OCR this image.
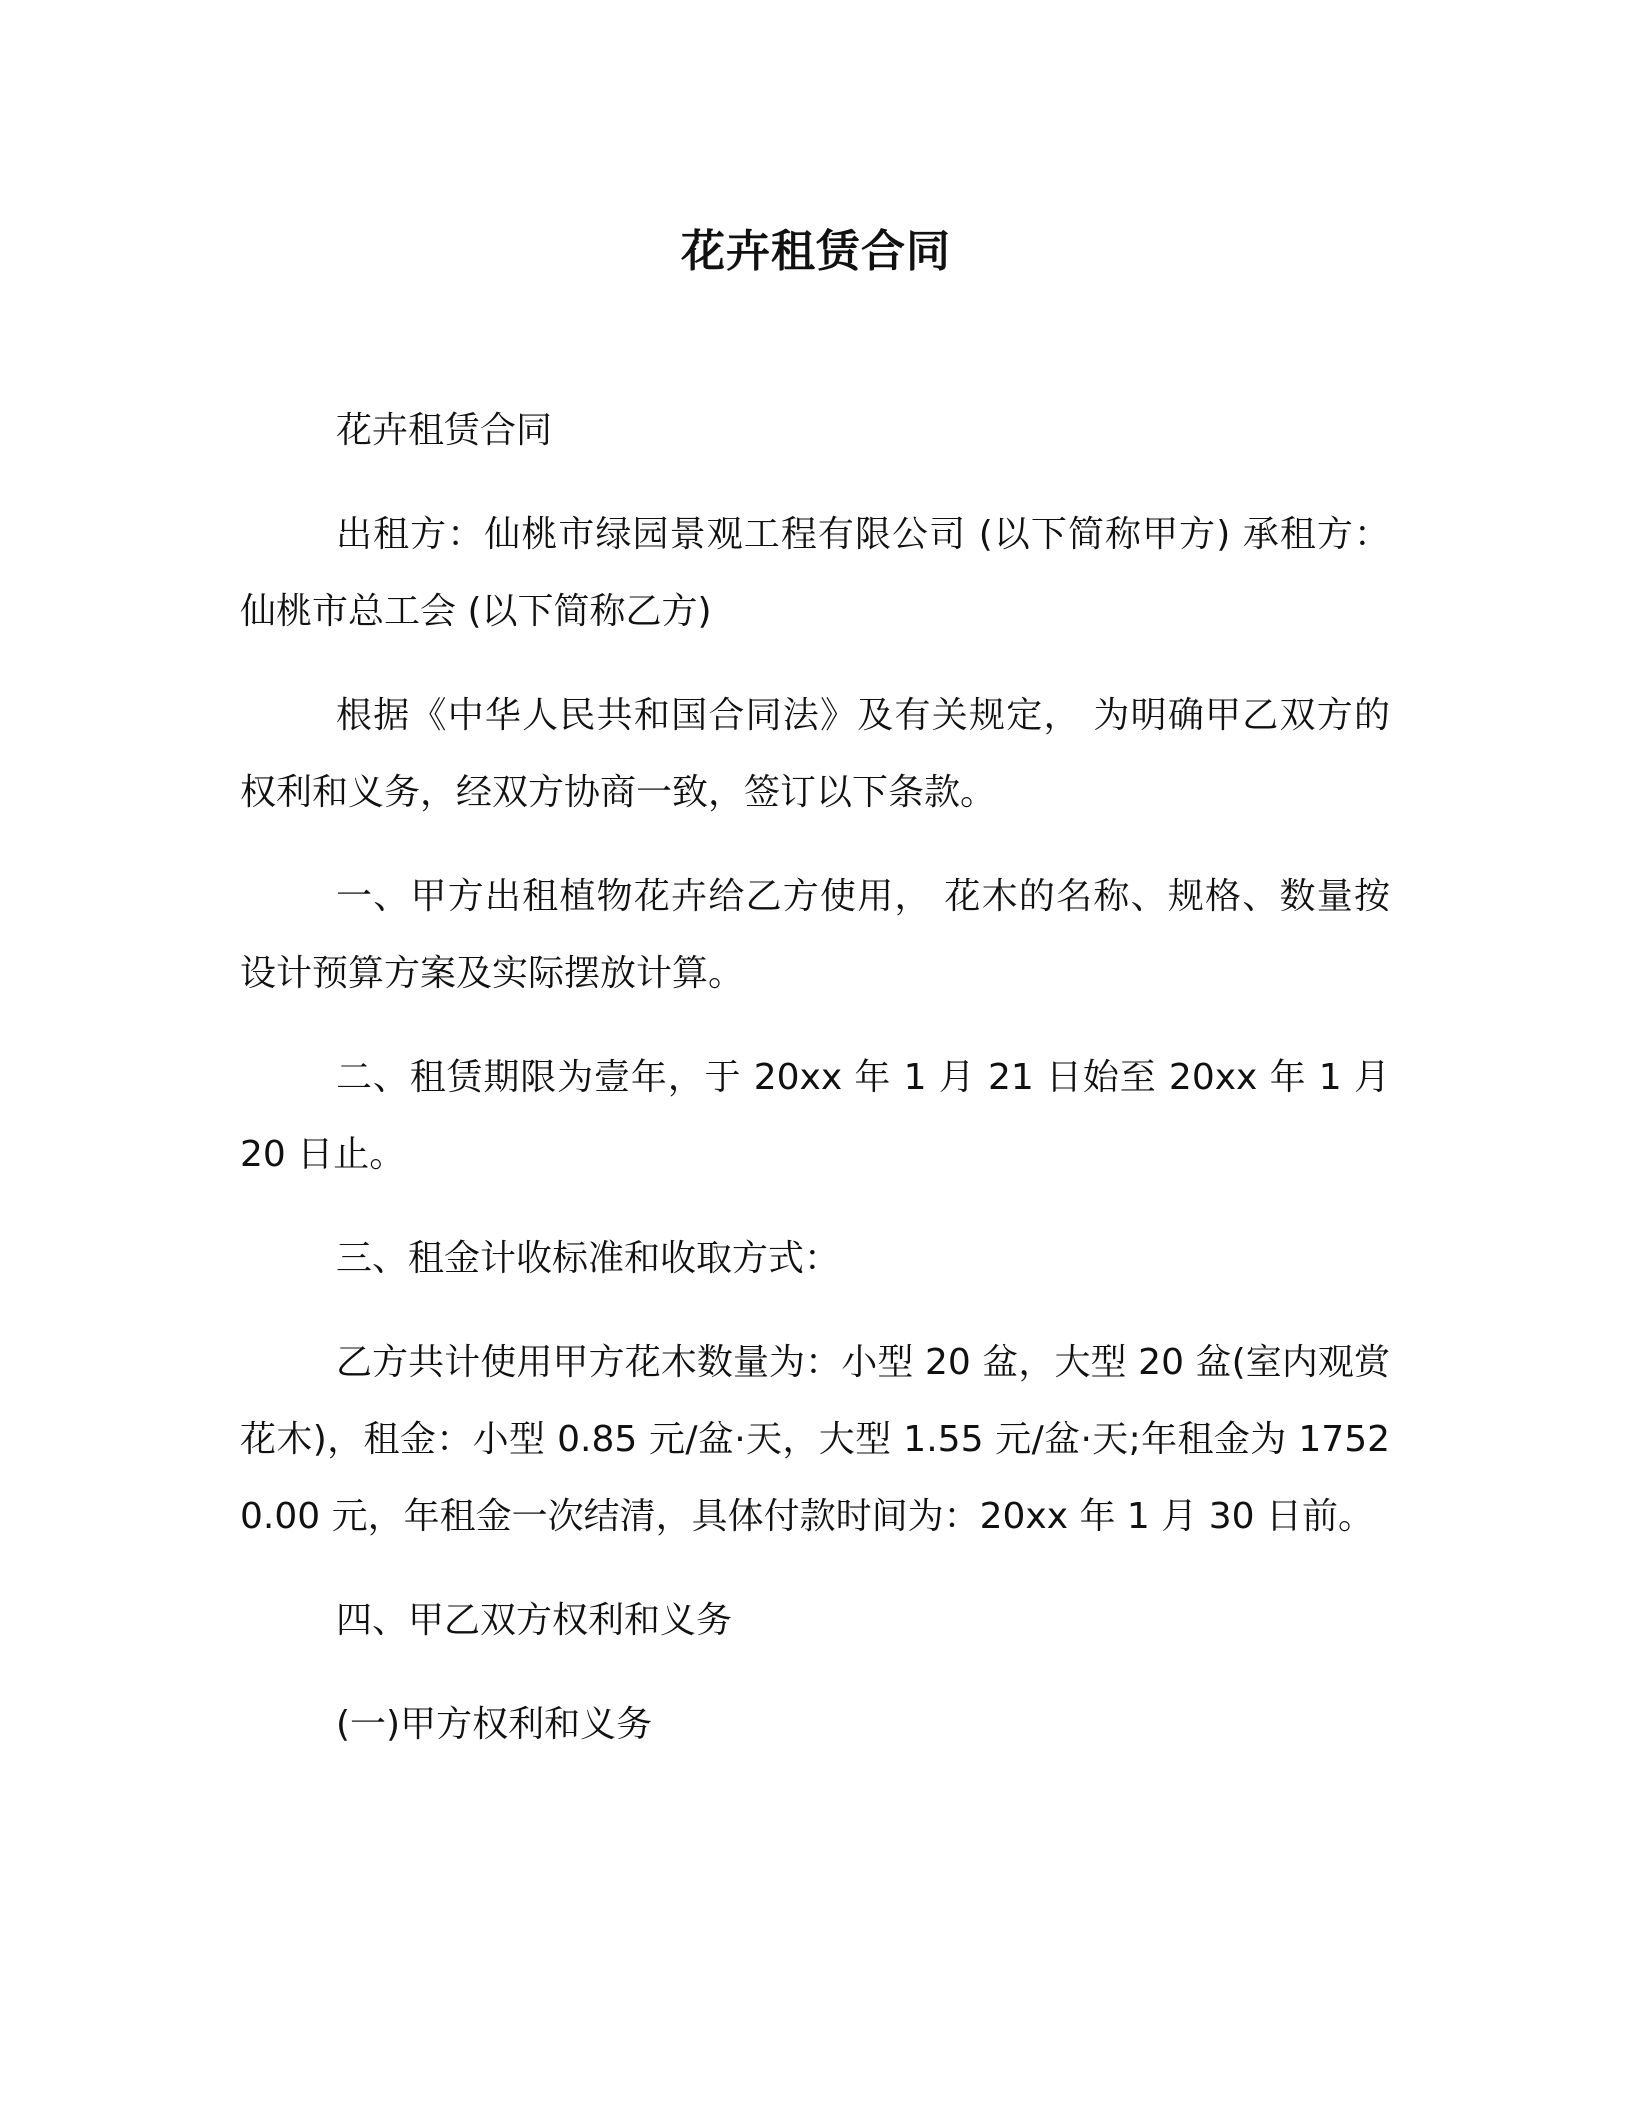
花卉租赁合同

花卉租赁合同

出租方：仙桃市绿园景观工程有限公司 (以下简称甲方) 承租方：仙桃市总工会 (以下简称乙方)

根据《中华人民共和国合同法》及有关规定， 为明确甲乙双方的权利和义务，经双方协商一致，签订以下条款。

一、甲方出租植物花卉给乙方使用， 花木的名称、规格、数量按设计预算方案及实际摆放计算。

二、租赁期限为壹年，于 20xx 年 1 月 21 日始至 20xx 年 1 月 20 日止。

三、租金计收标准和收取方式：

乙方共计使用甲方花木数量为：小型 20 盆，大型 20 盆(室内观赏花木)，租金：小型 0.85 元/盆·天，大型 1.55 元/盆·天;年租金为 17520.00 元，年租金一次结清，具体付款时间为：20xx 年 1 月 30 日前。

四、甲乙双方权利和义务

(一)甲方权利和义务
